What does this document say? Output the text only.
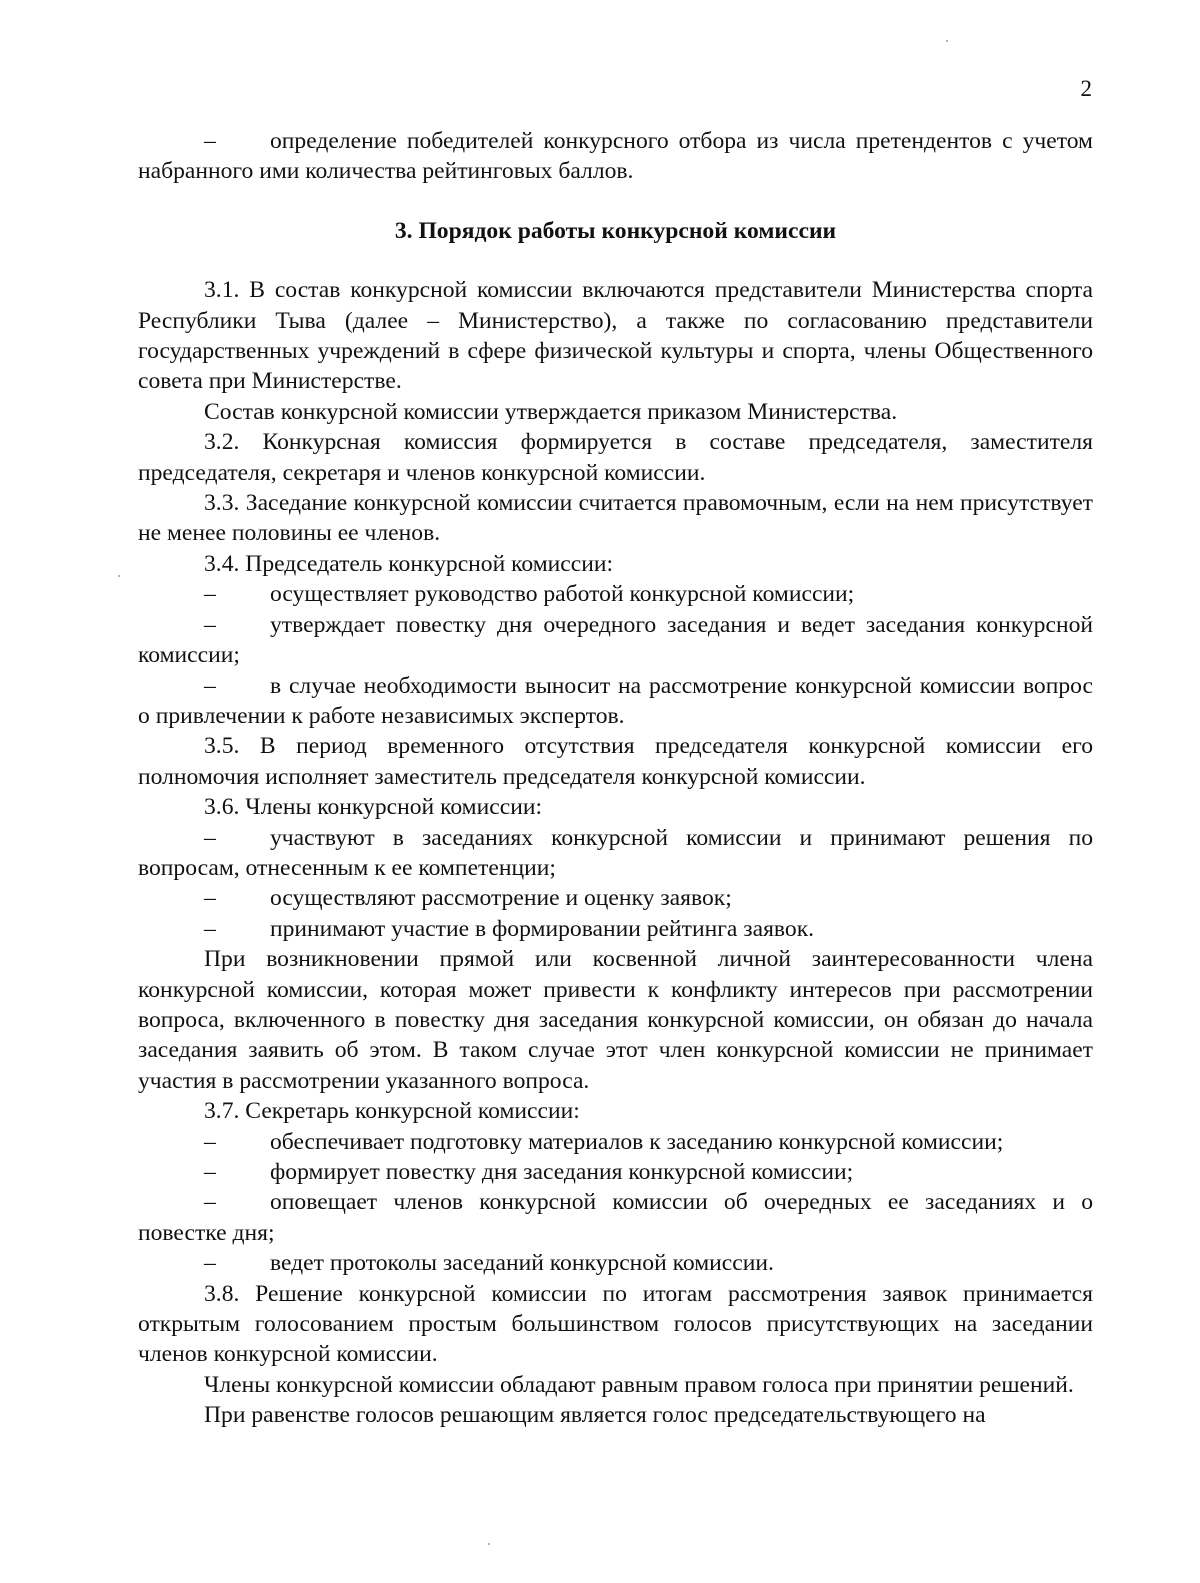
2

– определение победителей конкурсного отбора из числа претендентов с учетом набранного ими количества рейтинговых баллов.

3. Порядок работы конкурсной комиссии

3.1. В состав конкурсной комиссии включаются представители Министерства спорта Республики Тыва (далее – Министерство), а также по согласованию представители государственных учреждений в сфере физической культуры и спорта, члены Общественного совета при Министерстве.

Состав конкурсной комиссии утверждается приказом Министерства.

3.2. Конкурсная комиссия формируется в составе председателя, заместителя председателя, секретаря и членов конкурсной комиссии.

3.3. Заседание конкурсной комиссии считается правомочным, если на нем присутствует не менее половины ее членов.

3.4. Председатель конкурсной комиссии:

– осуществляет руководство работой конкурсной комиссии;

– утверждает повестку дня очередного заседания и ведет заседания конкурсной комиссии;

– в случае необходимости выносит на рассмотрение конкурсной комиссии вопрос о привлечении к работе независимых экспертов.

3.5. В период временного отсутствия председателя конкурсной комиссии его полномочия исполняет заместитель председателя конкурсной комиссии.

3.6. Члены конкурсной комиссии:

– участвуют в заседаниях конкурсной комиссии и принимают решения по вопросам, отнесенным к ее компетенции;

– осуществляют рассмотрение и оценку заявок;

– принимают участие в формировании рейтинга заявок.

При возникновении прямой или косвенной личной заинтересованности члена конкурсной комиссии, которая может привести к конфликту интересов при рассмотрении вопроса, включенного в повестку дня заседания конкурсной комиссии, он обязан до начала заседания заявить об этом. В таком случае этот член конкурсной комиссии не принимает участия в рассмотрении указанного вопроса.

3.7. Секретарь конкурсной комиссии:

– обеспечивает подготовку материалов к заседанию конкурсной комиссии;

– формирует повестку дня заседания конкурсной комиссии;

– оповещает членов конкурсной комиссии об очередных ее заседаниях и о повестке дня;

– ведет протоколы заседаний конкурсной комиссии.

3.8. Решение конкурсной комиссии по итогам рассмотрения заявок принимается открытым голосованием простым большинством голосов присутствующих на заседании членов конкурсной комиссии.

Члены конкурсной комиссии обладают равным правом голоса при принятии решений.

При равенстве голосов решающим является голос председательствующего на
